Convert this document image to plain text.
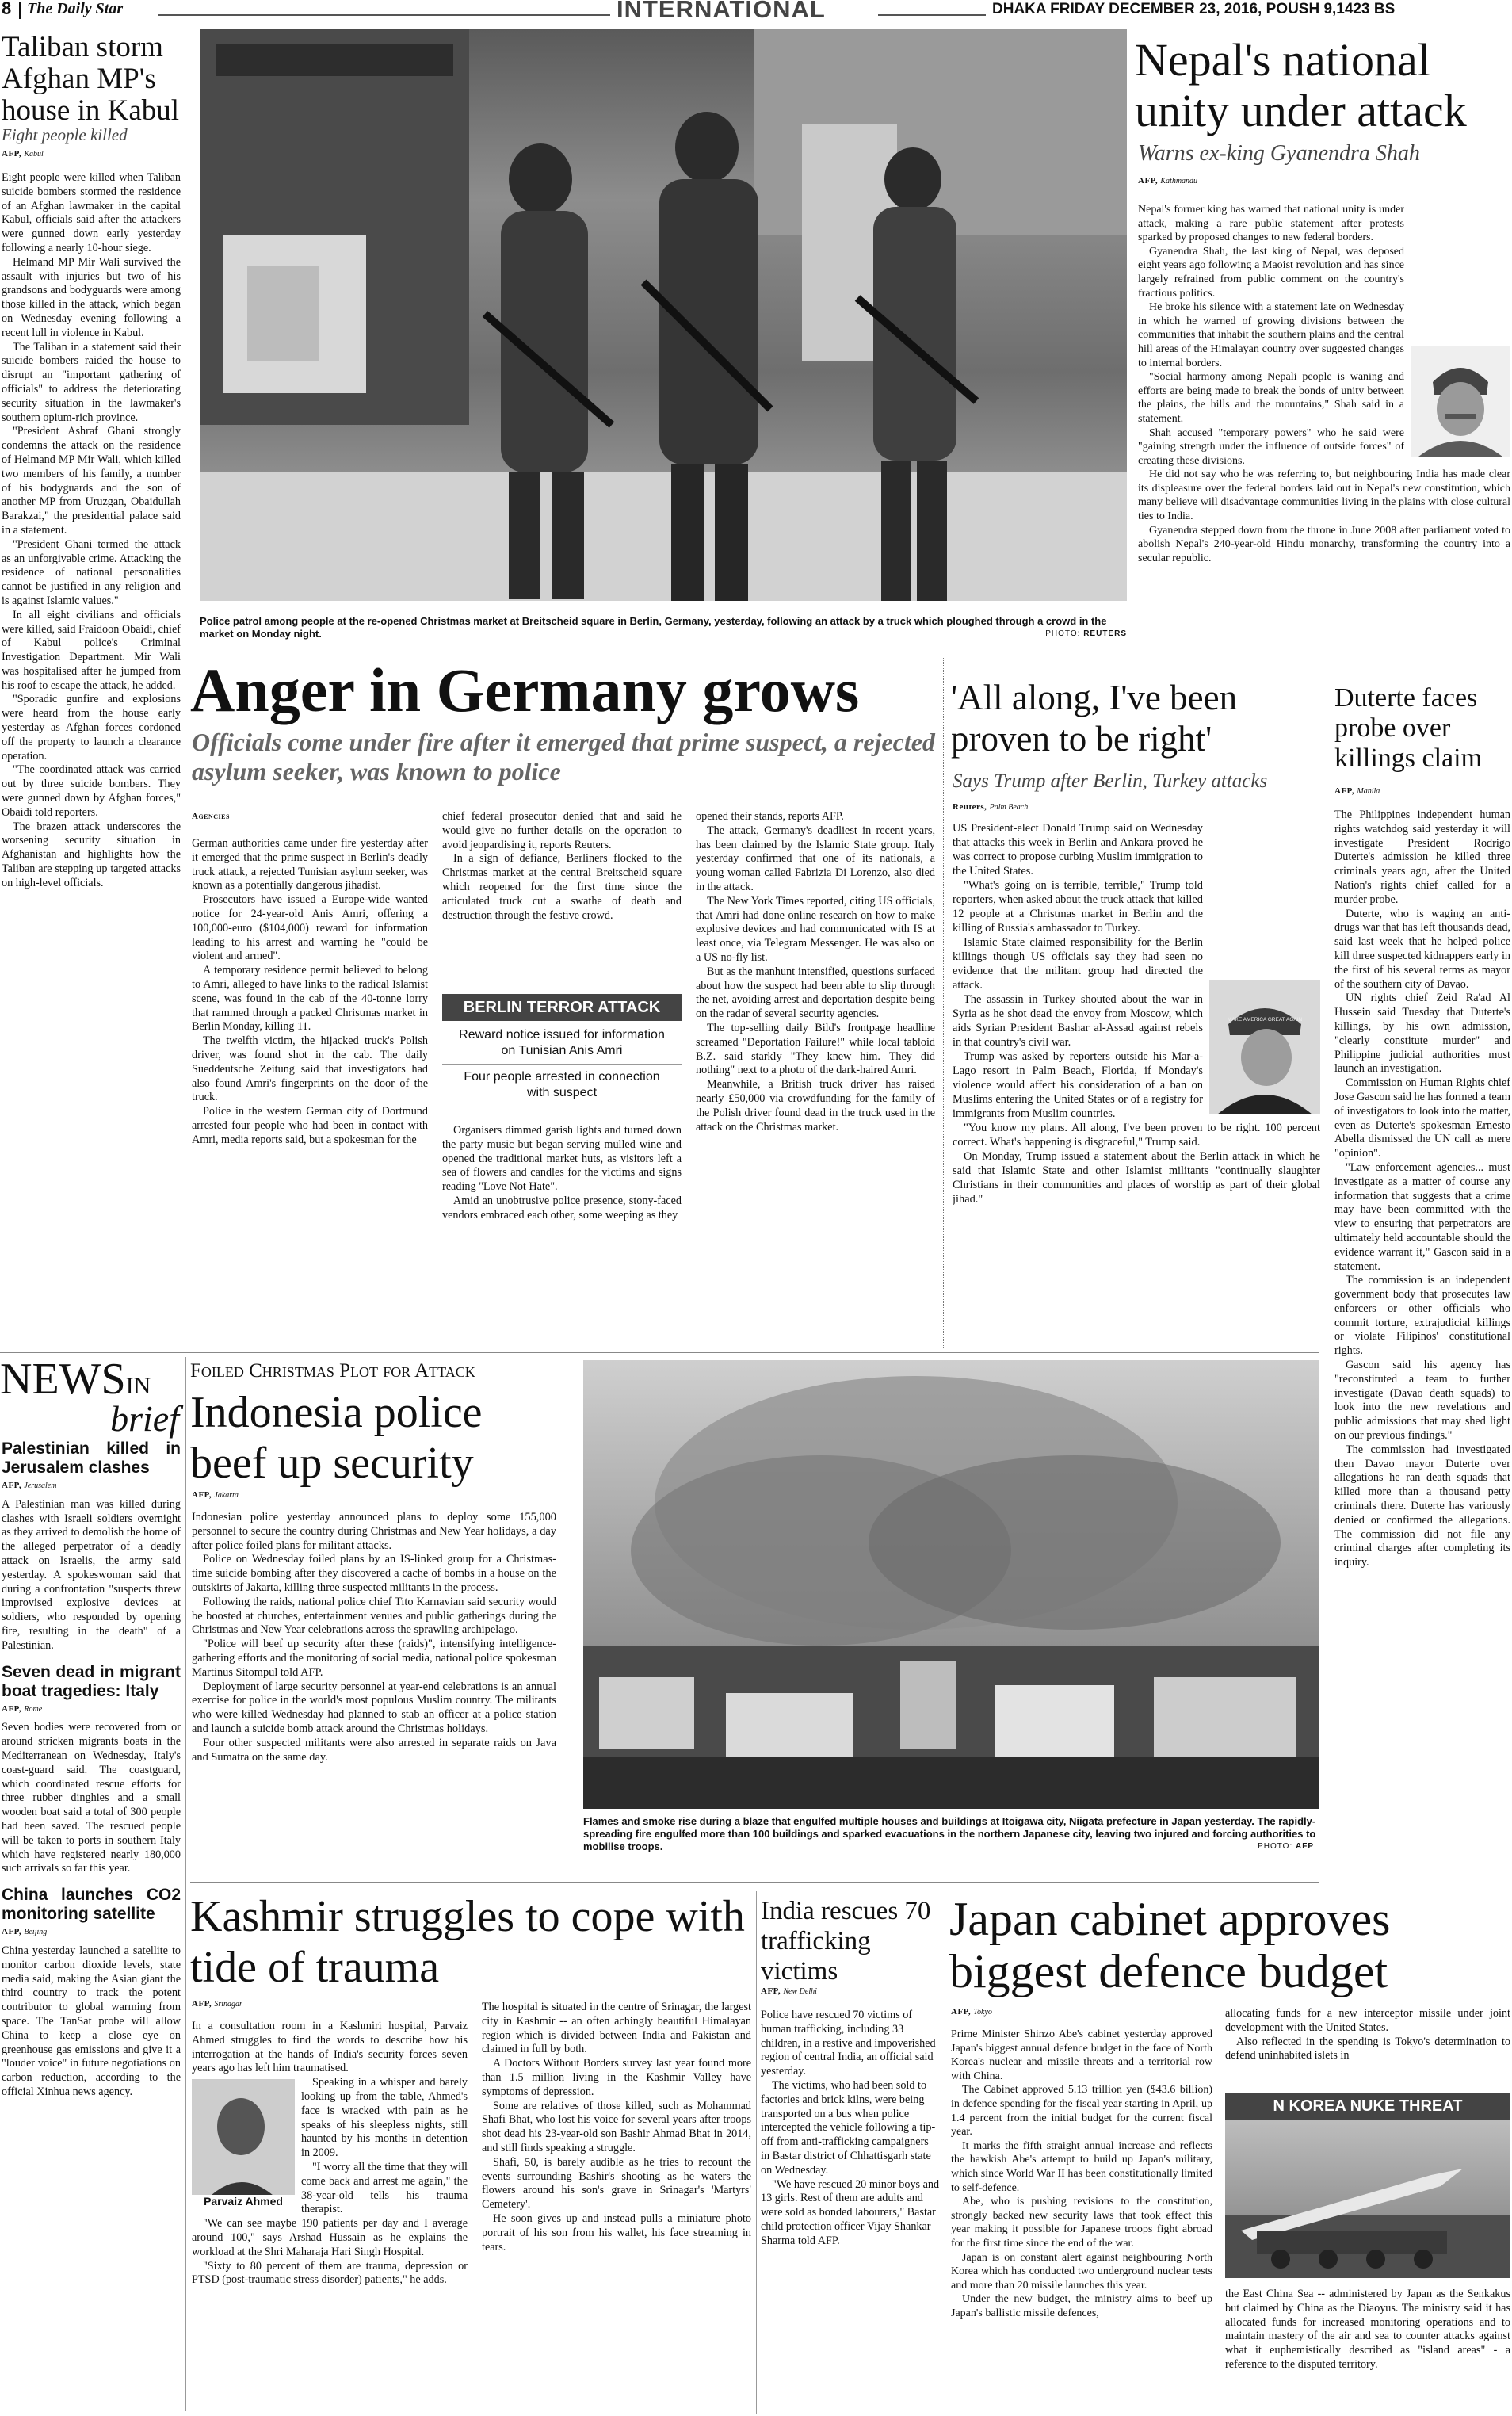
8 The Daily Star	INTERNATIONAL	DHAKA FRIDAY DECEMBER 23, 2016, POUSH 9,1423 BS
Taliban storm Afghan MP's house in Kabul
Eight people killed
AFP, Kabul

Eight people were killed when Taliban suicide bombers stormed the residence of an Afghan lawmaker in the capital Kabul, officials said after the attackers were gunned down early yesterday following a nearly 10-hour siege.

Helmand MP Mir Wali survived the assault with injuries but two of his grandsons and bodyguards were among those killed in the attack, which began on Wednesday evening following a recent lull in violence in Kabul.

The Taliban in a statement said their suicide bombers raided the house to disrupt an "important gathering of officials" to address the deteriorating security situation in the lawmaker's southern opium-rich province.

"President Ashraf Ghani strongly condemns the attack on the residence of Helmand MP Mir Wali, which killed two members of his family, a number of his bodyguards and the son of another MP from Uruzgan, Obaidullah Barakzai," the presidential palace said in a statement.

"President Ghani termed the attack as an unforgivable crime. Attacking the residence of national personalities cannot be justified in any religion and is against Islamic values."

In all eight civilians and officials were killed, said Fraidoon Obaidi, chief of Kabul police's Criminal Investigation Department. Mir Wali was hospitalised after he jumped from his roof to escape the attack, he added.

"Sporadic gunfire and explosions were heard from the house early yesterday as Afghan forces cordoned off the property to launch a clearance operation.

"The coordinated attack was carried out by three suicide bombers. They were gunned down by Afghan forces," Obaidi told reporters.

The brazen attack underscores the worsening security situation in Afghanistan and highlights how the Taliban are stepping up targeted attacks on high-level officials.

Police patrol among people at the re-opened Christmas market at Breitscheid square in Berlin, Germany, yesterday, following an attack by a truck which ploughed through a crowd in the market on Monday night.	PHOTO: REUTERS
Nepal's national unity under attack
Warns ex-king Gyanendra Shah
AFP, Kathmandu

Nepal's former king has warned that national unity is under attack, making a rare public statement after protests sparked by proposed changes to new federal borders.

Gyanendra Shah, the last king of Nepal, was deposed eight years ago following a Maoist revolution and has since largely refrained from public comment on the country's fractious politics.

He broke his silence with a statement late on Wednesday in which he warned of growing divisions between the communities that inhabit the southern plains and the central hill areas of the Himalayan country over suggested changes to internal borders.

"Social harmony among Nepali people is waning and efforts are being made to break the bonds of unity between the plains, the hills and the mountains," Shah said in a statement.

Shah accused "temporary powers" who he said were "gaining strength under the influence of outside forces" of creating these divisions.

He did not say who he was referring to, but neighbouring India has made clear its displeasure over the federal borders laid out in Nepal's new constitution, which many believe will disadvantage communities living in the plains with close cultural ties to India.

Gyanendra stepped down from the throne in June 2008 after parliament voted to abolish Nepal's 240-year-old Hindu monarchy, transforming the country into a secular republic.

Anger in Germany grows
Officials come under fire after it emerged that prime suspect, a rejected asylum seeker, was known to police
Agencies

German authorities came under fire yesterday after it emerged that the prime suspect in Berlin's deadly truck attack, a rejected Tunisian asylum seeker, was known as a potentially dangerous jihadist.

Prosecutors have issued a Europe-wide wanted notice for 24-year-old Anis Amri, offering a 100,000-euro ($104,000) reward for information leading to his arrest and warning he "could be violent and armed".

A temporary residence permit believed to belong to Amri, alleged to have links to the radical Islamist scene, was found in the cab of the 40-tonne lorry that rammed through a packed Christmas market in Berlin Monday, killing 11.

The twelfth victim, the hijacked truck's Polish driver, was found shot in the cab. The daily Sueddeutsche Zeitung said that investigators had also found Amri's fingerprints on the door of the truck.

Police in the western German city of Dortmund arrested four people who had been in contact with Amri, media reports said, but a spokesman for the

chief federal prosecutor denied that and said he would give no further details on the operation to avoid jeopardising it, reports Reuters.

In a sign of defiance, Berliners flocked to the Christmas market at the central Breitscheid square which reopened for the first time since the articulated truck cut a swathe of death and destruction through the festive crowd.

BERLIN TERROR ATTACK
Reward notice issued for information on Tunisian Anis Amri
Four people arrested in connection with suspect

Organisers dimmed garish lights and turned down the party music but began serving mulled wine and opened the traditional market huts, as visitors left a sea of flowers and candles for the victims and signs reading "Love Not Hate".

Amid an unobtrusive police presence, stony-faced vendors embraced each other, some weeping as they

opened their stands, reports AFP.

The attack, Germany's deadliest in recent years, has been claimed by the Islamic State group. Italy yesterday confirmed that one of its nationals, a young woman called Fabrizia Di Lorenzo, also died in the attack.

The New York Times reported, citing US officials, that Amri had done online research on how to make explosive devices and had communicated with IS at least once, via Telegram Messenger. He was also on a US no-fly list.

But as the manhunt intensified, questions surfaced about how the suspect had been able to slip through the net, avoiding arrest and deportation despite being on the radar of several security agencies.

The top-selling daily Bild's frontpage headline screamed "Deportation Failure!" while local tabloid B.Z. said starkly "They knew him. They did nothing" next to a photo of the dark-haired Amri.

Meanwhile, a British truck driver has raised nearly £50,000 via crowdfunding for the family of the Polish driver found dead in the truck used in the attack on the Christmas market.

'All along, I've been proven to be right'
Says Trump after Berlin, Turkey attacks
Reuters, Palm Beach
MAKE AMERICA GREAT AGAIN

US President-elect Donald Trump said on Wednesday that attacks this week in Berlin and Ankara proved he was correct to propose curbing Muslim immigration to the United States.

"What's going on is terrible, terrible," Trump told reporters, when asked about the truck attack that killed 12 people at a Christmas market in Berlin and the killing of Russia's ambassador to Turkey.

Islamic State claimed responsibility for the Berlin killings though US officials say they had seen no evidence that the militant group had directed the attack.

The assassin in Turkey shouted about the war in Syria as he shot dead the envoy from Moscow, which aids Syrian President Bashar al-Assad against rebels in that country's civil war.

Trump was asked by reporters outside his Mar-a-Lago resort in Palm Beach, Florida, if Monday's violence would affect his consideration of a ban on Muslims entering the United States or of a registry for immigrants from Muslim countries.

"You know my plans. All along, I've been proven to be right. 100 percent correct. What's happening is disgraceful," Trump said.

On Monday, Trump issued a statement about the Berlin attack in which he said that Islamic State and other Islamist militants "continually slaughter Christians in their communities and places of worship as part of their global jihad."

Duterte faces probe over killings claim
AFP, Manila

The Philippines independent human rights watchdog said yesterday it will investigate President Rodrigo Duterte's admission he killed three criminals years ago, after the United Nation's rights chief called for a murder probe.

Duterte, who is waging an anti-drugs war that has left thousands dead, said last week that he helped police kill three suspected kidnappers early in the first of his several terms as mayor of the southern city of Davao.

UN rights chief Zeid Ra'ad Al Hussein said Tuesday that Duterte's killings, by his own admission, "clearly constitute murder" and Philippine judicial authorities must launch an investigation.

Commission on Human Rights chief Jose Gascon said he has formed a team of investigators to look into the matter, even as Duterte's spokesman Ernesto Abella dismissed the UN call as mere "opinion".

"Law enforcement agencies... must investigate as a matter of course any information that suggests that a crime may have been committed with the view to ensuring that perpetrators are ultimately held accountable should the evidence warrant it," Gascon said in a statement.

The commission is an independent government body that prosecutes law enforcers or other officials who commit torture, extrajudicial killings or violate Filipinos' constitutional rights.

Gascon said his agency has "reconstituted a team to further investigate (Davao death squads) to look into the new revelations and public admissions that may shed light on our previous findings."

The commission had investigated then Davao mayor Duterte over allegations he ran death squads that killed more than a thousand petty criminals there. Duterte has variously denied or confirmed the allegations. The commission did not file any criminal charges after completing its inquiry.

NEWSIN
brief
Palestinian killed in Jerusalem clashes
AFP, Jerusalem

A Palestinian man was killed during clashes with Israeli soldiers overnight as they arrived to demolish the home of the alleged perpetrator of a deadly attack on Israelis, the army said yesterday. A spokeswoman said that during a confrontation "suspects threw improvised explosive devices at soldiers, who responded by opening fire, resulting in the death" of a Palestinian.

Seven dead in migrant boat tragedies: Italy
AFP, Rome

Seven bodies were recovered from or around stricken migrants boats in the Mediterranean on Wednesday, Italy's coast-guard said. The coastguard, which coordinated rescue efforts for three rubber dinghies and a small wooden boat said a total of 300 people had been saved. The rescued people will be taken to ports in southern Italy which have registered nearly 180,000 such arrivals so far this year.

China launches CO2 monitoring satellite
AFP, Beijing

China yesterday launched a satellite to monitor carbon dioxide levels, state media said, making the Asian giant the third country to track the potent contributor to global warming from space. The TanSat probe will allow China to keep a close eye on greenhouse gas emissions and give it a "louder voice" in future negotiations on carbon reduction, according to the official Xinhua news agency.

Foiled Christmas Plot for Attack
Indonesia police beef up security
AFP, Jakarta

Indonesian police yesterday announced plans to deploy some 155,000 personnel to secure the country during Christmas and New Year holidays, a day after police foiled plans for militant attacks.

Police on Wednesday foiled plans by an IS-linked group for a Christmas-time suicide bombing after they discovered a cache of bombs in a house on the outskirts of Jakarta, killing three suspected militants in the process.

Following the raids, national police chief Tito Karnavian said security would be boosted at churches, entertainment venues and public gatherings during the Christmas and New Year celebrations across the sprawling archipelago.

"Police will beef up security after these (raids)", intensifying intelligence-gathering efforts and the monitoring of social media, national police spokesman Martinus Sitompul told AFP.

Deployment of large security personnel at year-end celebrations is an annual exercise for police in the world's most populous Muslim country. The militants who were killed Wednesday had planned to stab an officer at a police station and launch a suicide bomb attack around the Christmas holidays.

Four other suspected militants were also arrested in separate raids on Java and Sumatra on the same day.

Flames and smoke rise during a blaze that engulfed multiple houses and buildings at Itoigawa city, Niigata prefecture in Japan yesterday. The rapidly-spreading fire engulfed more than 100 buildings and sparked evacuations in the northern Japanese city, leaving two injured and forcing authorities to mobilise troops.	PHOTO: AFP
Kashmir struggles to cope with tide of trauma
AFP, Srinagar

In a consultation room in a Kashmiri hospital, Parvaiz Ahmed struggles to find the words to describe how his interrogation at the hands of India's security forces seven years ago has left him traumatised.

Parvaiz Ahmed

Speaking in a whisper and barely looking up from the table, Ahmed's face is wracked with pain as he speaks of his sleepless nights, still haunted by his months in detention in 2009.

"I worry all the time that they will come back and arrest me again," the 38-year-old tells his trauma therapist.

"We can see maybe 190 patients per day and I average around 100," says Arshad Hussain as he explains the workload at the Shri Maharaja Hari Singh Hospital.

"Sixty to 80 percent of them are trauma, depression or PTSD (post-traumatic stress disorder) patients," he adds.

The hospital is situated in the centre of Srinagar, the largest city in Kashmir -- an often achingly beautiful Himalayan region which is divided between India and Pakistan and claimed in full by both.

A Doctors Without Borders survey last year found more than 1.5 million living in the Kashmir Valley have symptoms of depression.

Some are relatives of those killed, such as Mohammad Shafi Bhat, who lost his voice for several years after troops shot dead his 23-year-old son Bashir Ahmad Bhat in 2014, and still finds speaking a struggle.

Shafi, 50, is barely audible as he tries to recount the events surrounding Bashir's shooting as he waters the flowers around his son's grave in Srinagar's 'Martyrs' Cemetery'.

He soon gives up and instead pulls a miniature photo portrait of his son from his wallet, his face streaming in tears.

India rescues 70 trafficking victims
AFP, New Delhi

Police have rescued 70 victims of human trafficking, including 33 children, in a restive and impoverished region of central India, an official said yesterday.

The victims, who had been sold to factories and brick kilns, were being transported on a bus when police intercepted the vehicle following a tip-off from anti-trafficking campaigners in Bastar district of Chhattisgarh state on Wednesday.

"We have rescued 20 minor boys and 13 girls. Rest of them are adults and were sold as bonded labourers," Bastar child protection officer Vijay Shankar Sharma told AFP.

Japan cabinet approves biggest defence budget
AFP, Tokyo

Prime Minister Shinzo Abe's cabinet yesterday approved Japan's biggest annual defence budget in the face of North Korea's nuclear and missile threats and a territorial row with China.

The Cabinet approved 5.13 trillion yen ($43.6 billion) in defence spending for the fiscal year starting in April, up 1.4 percent from the initial budget for the current fiscal year.

It marks the fifth straight annual increase and reflects the hawkish Abe's attempt to build up Japan's military, which since World War II has been constitutionally limited to self-defence.

Abe, who is pushing revisions to the constitution, strongly backed new security laws that took effect this year making it possible for Japanese troops fight abroad for the first time since the end of the war.

Japan is on constant alert against neighbouring North Korea which has conducted two underground nuclear tests and more than 20 missile launches this year.

Under the new budget, the ministry aims to beef up Japan's ballistic missile defences,

allocating funds for a new interceptor missile under joint development with the United States.

Also reflected in the spending is Tokyo's determination to defend uninhabited islets in

N KOREA NUKE THREAT

the East China Sea -- administered by Japan as the Senkakus but claimed by China as the Diaoyus. The ministry said it has allocated funds for increased monitoring operations and to maintain mastery of the air and sea to counter attacks against what it euphemistically described as "island areas" - a reference to the disputed territory.
